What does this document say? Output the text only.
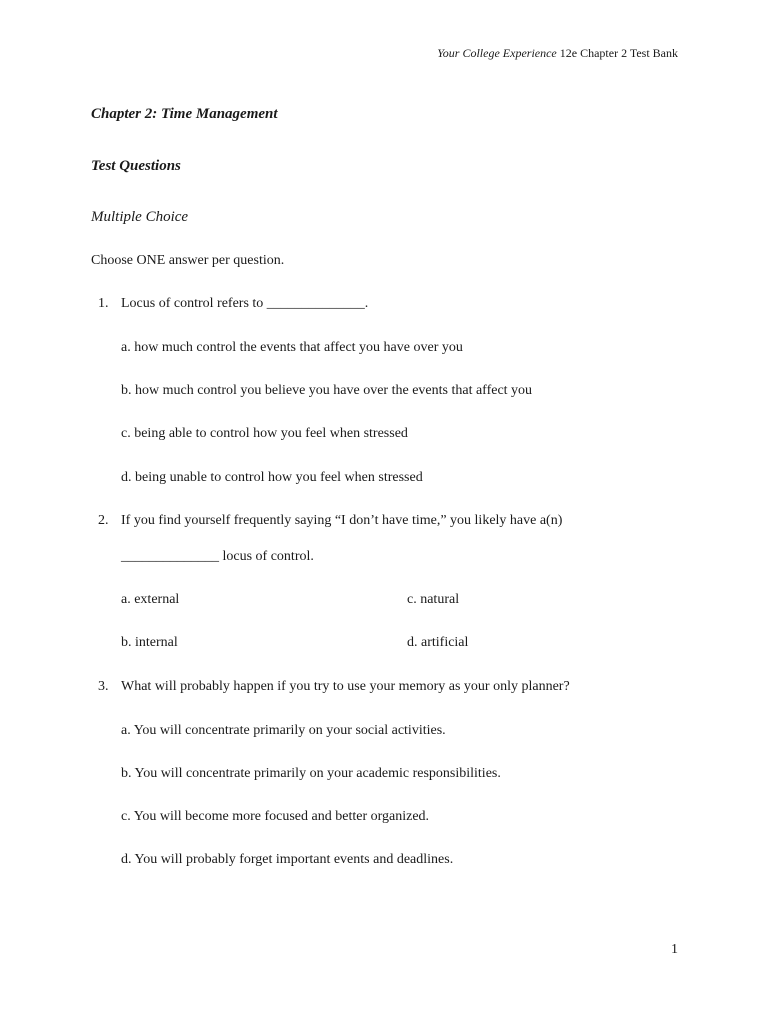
Your College Experience 12e Chapter 2 Test Bank
Chapter 2: Time Management
Test Questions
Multiple Choice
Choose ONE answer per question.
1. Locus of control refers to ______________.
a. how much control the events that affect you have over you
b. how much control you believe you have over the events that affect you
c. being able to control how you feel when stressed
d. being unable to control how you feel when stressed
2. If you find yourself frequently saying “I don’t have time,” you likely have a(n)
______________ locus of control.
a. external	c. natural
b. internal	d. artificial
3. What will probably happen if you try to use your memory as your only planner?
a. You will concentrate primarily on your social activities.
b. You will concentrate primarily on your academic responsibilities.
c. You will become more focused and better organized.
d. You will probably forget important events and deadlines.
1
